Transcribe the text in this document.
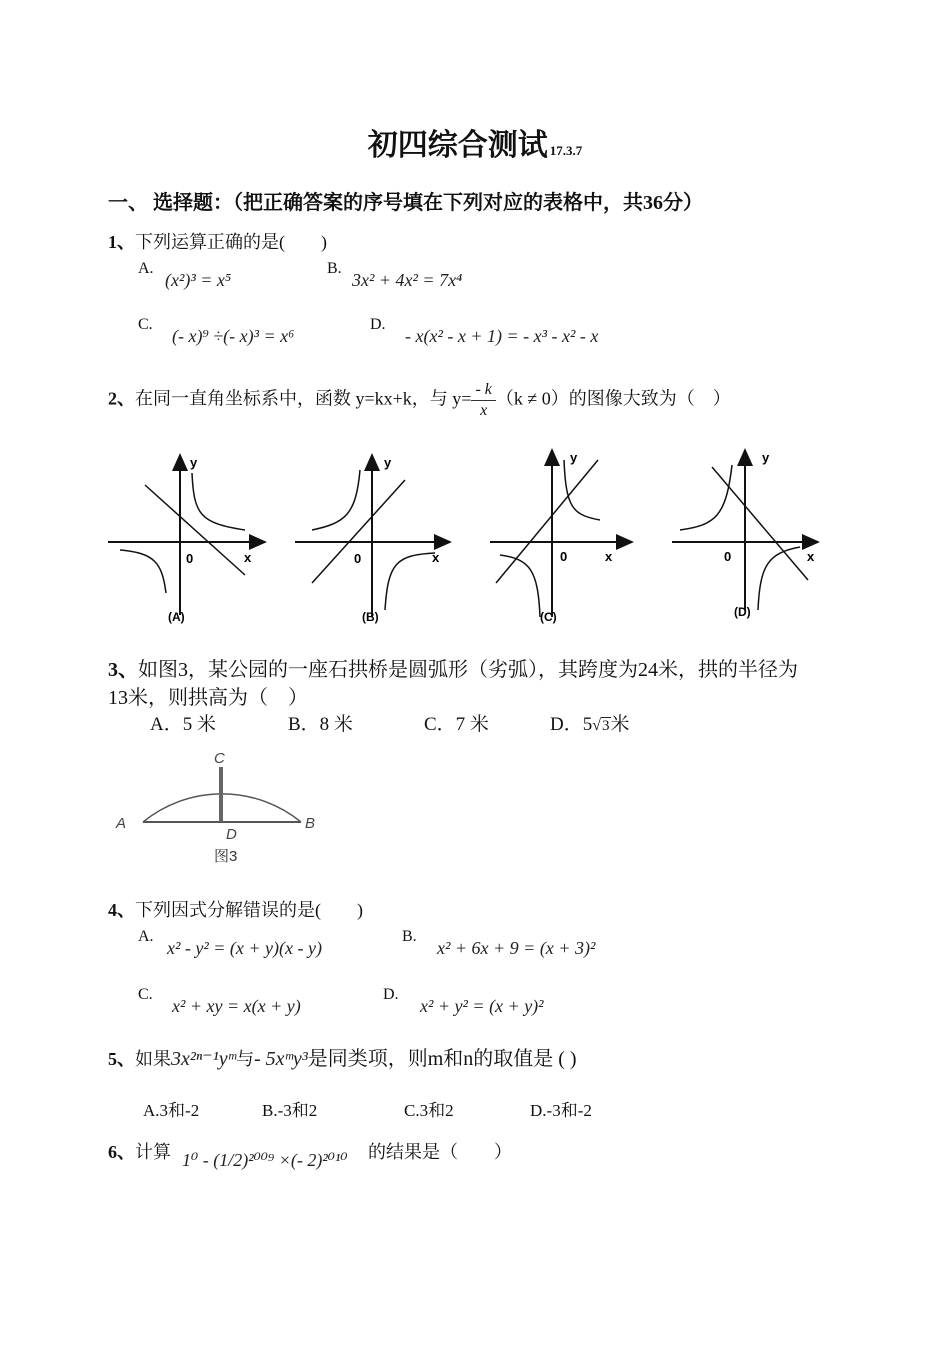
初四综合测试 17.3.7
一、 选择题：（把正确答案的序号填在下列对应的表格中，共36分）
1、下列运算正确的是(　　)
A.
(x²)³ = x⁵
B.
3x² + 4x² = 7x⁴
C.
(- x)⁹ ÷(- x)³ = x⁶
D.
- x(x² - x + 1) = - x³ - x² - x
2、在同一直角坐标系中，函数 y=kx+k，与 $y= \frac{- k}{x} (k \ne 0)$的图像大致为（　）
y
x
0
(A)
y
x
0
(B)
y
x
0
(C)
y
x
0
(D)
3、如图3，某公园的一座石拱桥是圆弧形（劣弧），其跨度为24米，拱的半径为
13米，则拱高为（　）
A．5 米	B．8 米	C．7 米	D．5√3米
A	B
C
D
图3
4、下列因式分解错误的是(　　)
A.
x² - y² = (x + y)(x - y)
B.
x² + 6x + 9 = (x + 3)²
C.
x² + xy = x(x + y)
D.
x² + y² = (x + y)²
5、如果3x²ⁿ⁻¹yᵐ与- 5xᵐy³是同类项，则m和n的取值是 ( )
A.3和-2	B.-3和2	C.3和2	D.-3和-2
6、计算 1⁰ - (1/2)²⁰⁰⁹ ×(- 2)²⁰¹⁰ 的结果是（　　）
